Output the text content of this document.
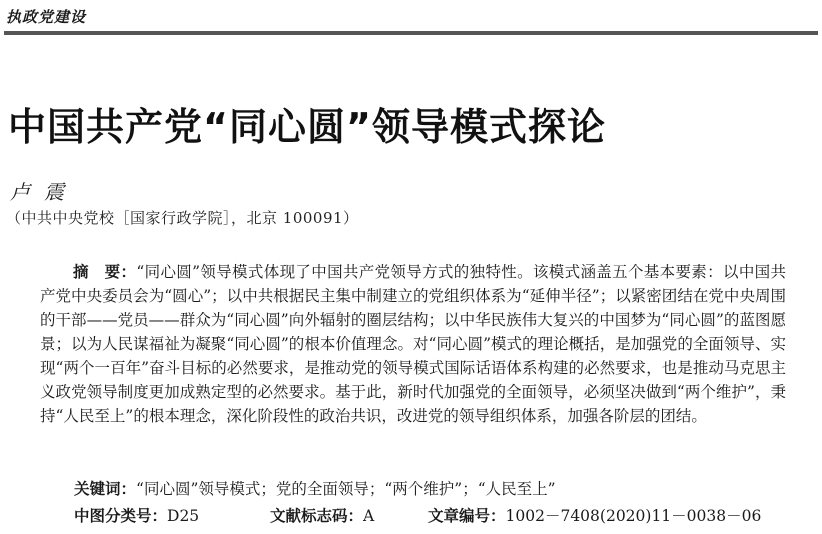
执政党建设
中国共产党“同心圆”领导模式探论
卢震
（中共中央党校［国家行政学院］，北京 100091）

摘　要：“同心圆”领导模式体现了中国共产党领导方式的独特性。该模式涵盖五个基本要素：以中国共产党中央委员会为“圆心”；以中共根据民主集中制建立的党组织体系为“延伸半径”；以紧密团结在党中央周围的干部——党员——群众为“同心圆”向外辐射的圈层结构；以中华民族伟大复兴的中国梦为“同心圆”的蓝图愿景；以为人民谋福祉为凝聚“同心圆”的根本价值理念。对“同心圆”模式的理论概括，是加强党的全面领导、实现“两个一百年”奋斗目标的必然要求，是推动党的领导模式国际话语体系构建的必然要求，也是推动马克思主义政党领导制度更加成熟定型的必然要求。基于此，新时代加强党的全面领导，必须坚决做到“两个维护”，秉持“人民至上”的根本理念，深化阶段性的政治共识，改进党的领导组织体系，加强各阶层的团结。

关键词：“同心圆”领导模式；党的全面领导；“两个维护”；“人民至上”
中图分类号：D25	文献标志码：A	文章编号：1002－7408(2020)11－0038－06
